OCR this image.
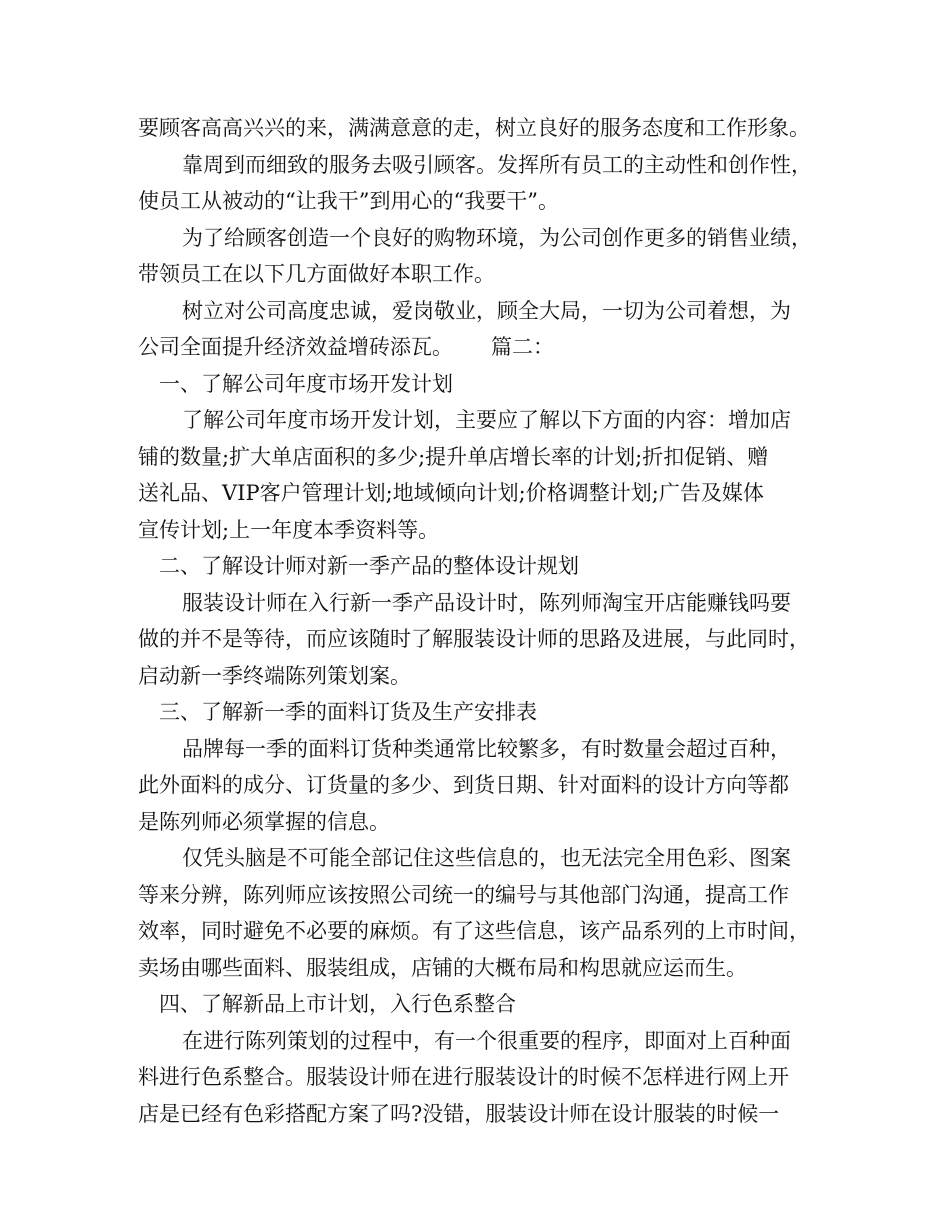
要顾客高高兴兴的来，满满意意的走，树立良好的服务态度和工作形象。
靠周到而细致的服务去吸引顾客。发挥所有员工的主动性和创作性，
使员工从被动的“让我干”到用心的“我要干”。
为了给顾客创造一个良好的购物环境，为公司创作更多的销售业绩，
带领员工在以下几方面做好本职工作。
树立对公司高度忠诚，爱岗敬业，顾全大局，一切为公司着想，为
公司全面提升经济效益增砖添瓦。 篇二：
一、了解公司年度市场开发计划
了解公司年度市场开发计划，主要应了解以下方面的内容：增加店
铺的数量;扩大单店面积的多少;提升单店增长率的计划;折扣促销、赠
送礼品、VIP客户管理计划;地域倾向计划;价格调整计划;广告及媒体
宣传计划;上一年度本季资料等。
二、了解设计师对新一季产品的整体设计规划
服装设计师在入行新一季产品设计时，陈列师淘宝开店能赚钱吗要
做的并不是等待，而应该随时了解服装设计师的思路及进展，与此同时，
启动新一季终端陈列策划案。
三、了解新一季的面料订货及生产安排表
品牌每一季的面料订货种类通常比较繁多，有时数量会超过百种，
此外面料的成分、订货量的多少、到货日期、针对面料的设计方向等都
是陈列师必须掌握的信息。
仅凭头脑是不可能全部记住这些信息的，也无法完全用色彩、图案
等来分辨，陈列师应该按照公司统一的编号与其他部门沟通，提高工作
效率，同时避免不必要的麻烦。有了这些信息，该产品系列的上市时间，
卖场由哪些面料、服装组成，店铺的大概布局和构思就应运而生。
四、了解新品上市计划，入行色系整合
在进行陈列策划的过程中，有一个很重要的程序，即面对上百种面
料进行色系整合。服装设计师在进行服装设计的时候不怎样进行网上开
店是已经有色彩搭配方案了吗?没错，服装设计师在设计服装的时候一
